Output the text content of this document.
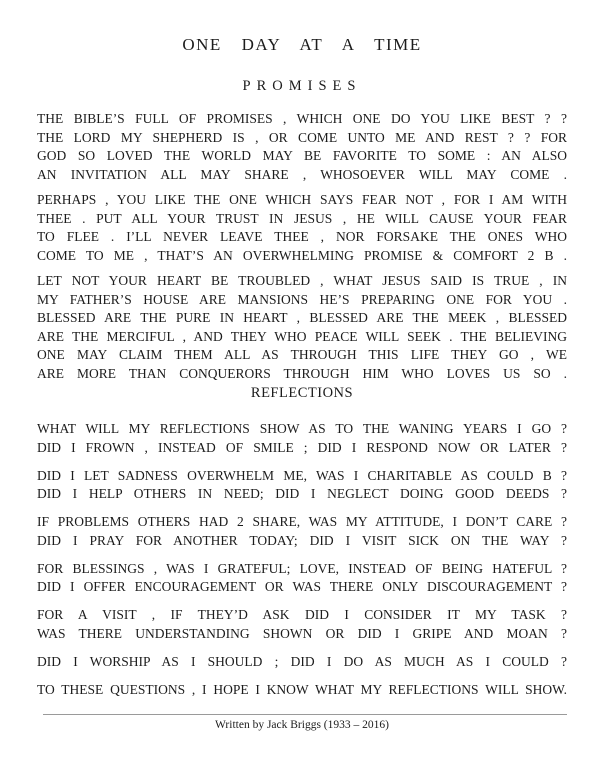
ONE DAY AT A TIME
PROMISES
THE BIBLE’S FULL OF PROMISES , WHICH ONE DO YOU LIKE BEST ? ?
THE LORD MY SHEPHERD IS , OR COME UNTO ME AND REST ? ? FOR
GOD SO LOVED THE WORLD MAY BE FAVORITE TO SOME : AN ALSO
AN INVITATION ALL MAY SHARE , WHOSOEVER WILL MAY COME .
PERHAPS , YOU LIKE THE ONE WHICH SAYS FEAR NOT , FOR I AM WITH
THEE . PUT ALL YOUR TRUST IN JESUS , HE WILL CAUSE YOUR FEAR
TO FLEE . I’LL NEVER LEAVE THEE , NOR FORSAKE THE ONES WHO
COME TO ME , THAT’S AN OVERWHELMING PROMISE & COMFORT 2 B .
LET NOT YOUR HEART BE TROUBLED , WHAT JESUS SAID IS TRUE , IN
MY FATHER’S HOUSE ARE MANSIONS HE’S PREPARING ONE FOR YOU .
BLESSED ARE THE PURE IN HEART , BLESSED ARE THE MEEK , BLESSED
ARE THE MERCIFUL , AND THEY WHO PEACE WILL SEEK . THE BELIEVING
ONE MAY CLAIM THEM ALL AS THROUGH THIS LIFE THEY GO , WE
ARE MORE THAN CONQUERORS THROUGH HIM WHO LOVES US SO .
REFLECTIONS
WHAT WILL MY REFLECTIONS SHOW AS TO THE WANING YEARS I GO ?
DID I FROWN , INSTEAD OF SMILE ; DID I RESPOND NOW OR LATER ?
DID I LET SADNESS OVERWHELM ME, WAS I CHARITABLE AS COULD B ?
DID I HELP OTHERS IN NEED; DID I NEGLECT DOING GOOD DEEDS ?
IF PROBLEMS OTHERS HAD 2 SHARE, WAS MY ATTITUDE, I DON’T CARE ?
DID I PRAY FOR ANOTHER TODAY; DID I VISIT SICK ON THE WAY ?
FOR BLESSINGS , WAS I GRATEFUL; LOVE, INSTEAD OF BEING HATEFUL ?
DID I OFFER ENCOURAGEMENT OR WAS THERE ONLY DISCOURAGEMENT ?
FOR A VISIT , IF THEY’D ASK DID I CONSIDER IT MY TASK ?
WAS THERE UNDERSTANDING SHOWN OR DID I GRIPE AND MOAN ?
DID I WORSHIP AS I SHOULD ; DID I DO AS MUCH AS I COULD ?
TO THESE QUESTIONS , I HOPE I KNOW WHAT MY REFLECTIONS WILL SHOW.
Written by Jack Briggs (1933 – 2016)
